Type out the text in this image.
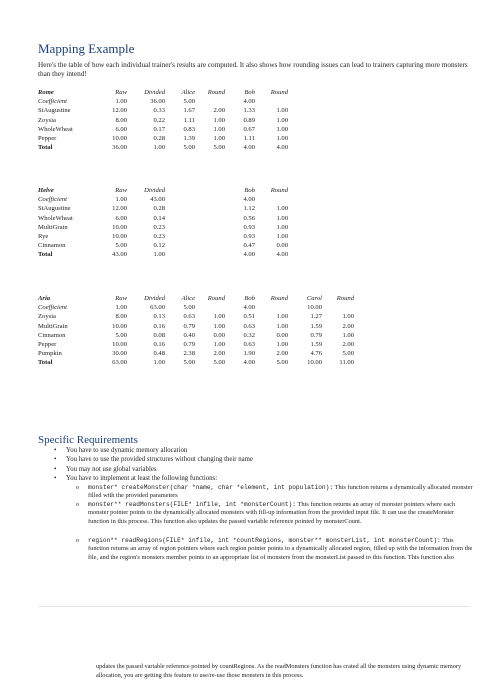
Mapping Example
Here's the table of how each individual trainer's results are computed. It also shows how rounding issues can lead to trainers capturing more monsters than they intend!
Rome	Raw	Divided	Alice	Round	Bob	Round
Coefficient	1.00	36.00	5.00		4.00	
StAugustine	12.00	0.33	1.67	2.00	1.33	1.00
Zoysia	8.00	0.22	1.11	1.00	0.89	1.00
WholeWheat	6.00	0.17	0.83	1.00	0.67	1.00
Pepper	10.00	0.28	1.39	1.00	1.11	1.00
Total	36.00	1.00	5.00	5.00	4.00	4.00
Helve	Raw	Divided	Bob	Round
Coefficient	1.00	43.00	4.00	
StAugustine	12.00	0.28	1.12	1.00
WholeWheat	6.00	0.14	0.56	1.00
MultiGrain	10.00	0.23	0.93	1.00
Rye	10.00	0.23	0.93	1.00
Cinnamon	5.00	0.12	0.47	0.00
Total	43.00	1.00	4.00	4.00
Aria	Raw	Divided	Alice	Round	Bob	Round	Carol	Round
Coefficient	1.00	63.00	5.00		4.00		10.00	
Zoysia	8.00	0.13	0.63	1.00	0.51	1.00	1.27	1.00
MultiGrain	10.00	0.16	0.79	1.00	0.63	1.00	1.59	2.00
Cinnamon	5.00	0.08	0.40	0.00	0.32	0.00	0.79	1.00
Pepper	10.00	0.16	0.79	1.00	0.63	1.00	1.59	2.00
Pumpkin	30.00	0.48	2.38	2.00	1.90	2.00	4.76	5.00
Total	63.00	1.00	5.00	5.00	4.00	5.00	10.00	11.00
Specific Requirements
• You have to use dynamic memory allocation
• You have to use the provided structures without changing their name
• You may not use global variables
• You have to implement at least the following functions:
o monster* createMonster(char *name, char *element, int population): This function returns a dynamically allocated monster filled with the provided parameters
o monster** readMonsters(FILE* infile, int *monsterCount): This function returns an array of monster pointers where each monster pointer points to the dynamically allocated monsters with fill-up information from the provided input file. It can use the createMonster function in this process. This function also updates the passed variable reference pointed by monsterCount.
o region** readRegions(FILE* infile, int *countRegions, monster** monsterList, int monsterCount): This function returns an array of region pointers where each region pointer points to a dynamically allocated region, filled up with the information from the file, and the region's monsters member points to an appropriate list of monsters from the monsterList passed to this function. This function also
updates the passed variable reference pointed by countRegions. As the readMonsters function has crated all the monsters using dynamic memory allocation, you are getting this feature to use/re-use those monsters in this process.
